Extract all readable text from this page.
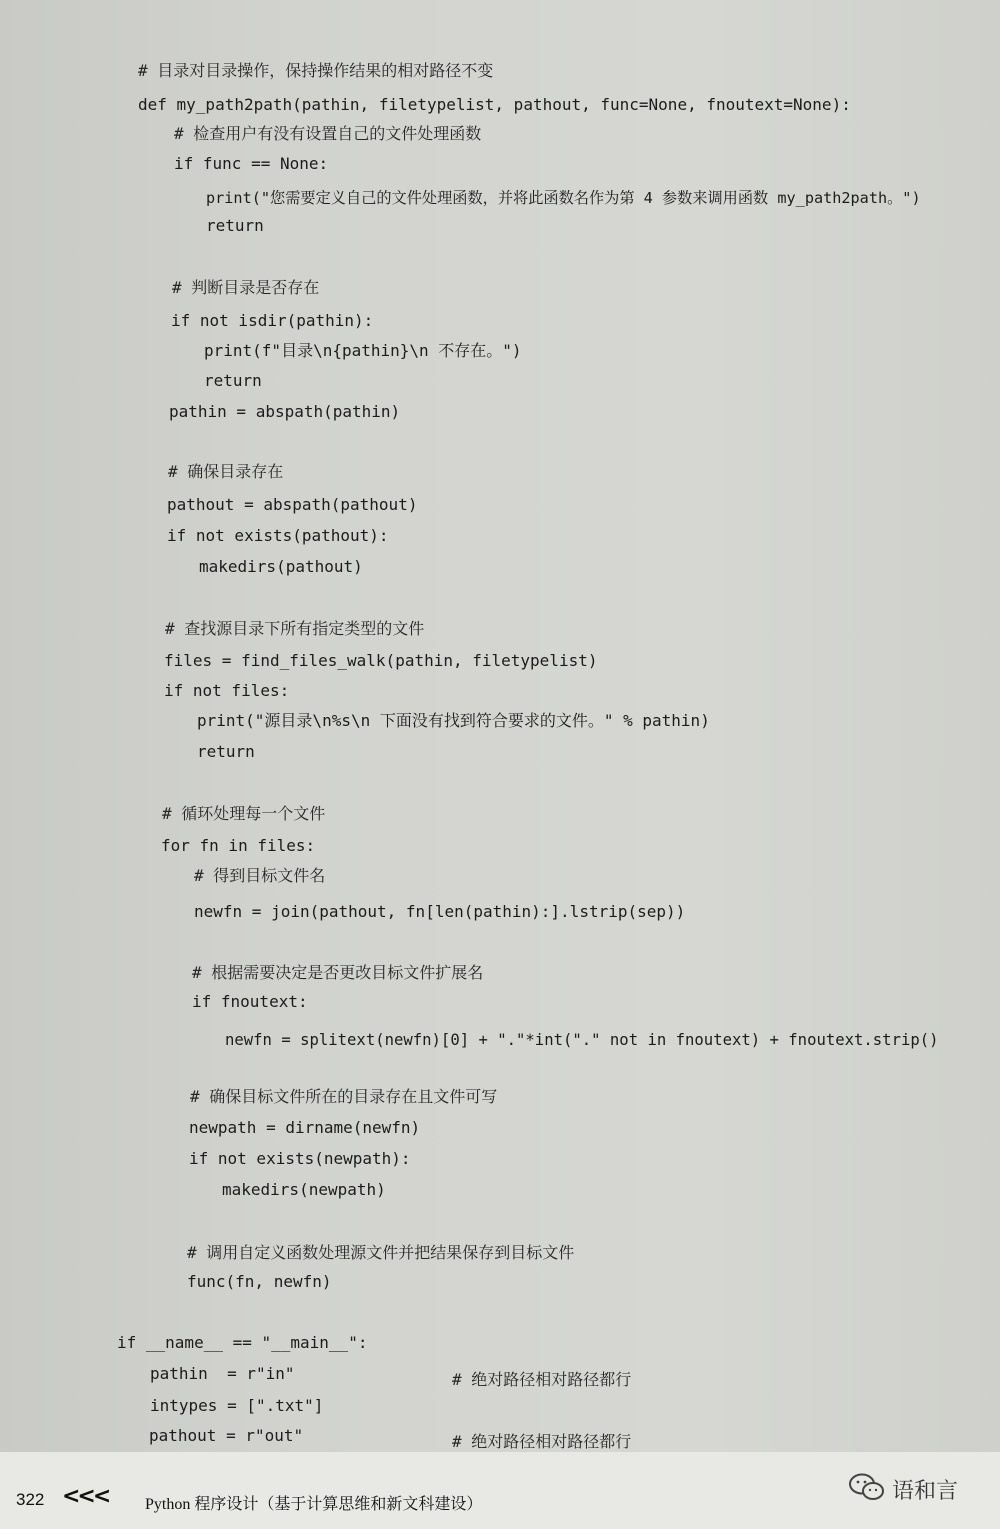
# 目录对目录操作，保持操作结果的相对路径不变
def my_path2path(pathin, filetypelist, pathout, func=None, fnoutext=None):
# 检查用户有没有设置自己的文件处理函数
if func == None:
print("您需要定义自己的文件处理函数，并将此函数名作为第 4 参数来调用函数 my_path2path。")
return
# 判断目录是否存在
if not isdir(pathin):
print(f"目录\n{pathin}\n 不存在。")
return
pathin = abspath(pathin)
# 确保目录存在
pathout = abspath(pathout)
if not exists(pathout):
makedirs(pathout)
# 查找源目录下所有指定类型的文件
files = find_files_walk(pathin, filetypelist)
if not files:
print("源目录\n%s\n 下面没有找到符合要求的文件。" % pathin)
return
# 循环处理每一个文件
for fn in files:
# 得到目标文件名
newfn = join(pathout, fn[len(pathin):].lstrip(sep))
# 根据需要决定是否更改目标文件扩展名
if fnoutext:
newfn = splitext(newfn)[0] + "."*int("." not in fnoutext) + fnoutext.strip()
# 确保目标文件所在的目录存在且文件可写
newpath = dirname(newfn)
if not exists(newpath):
makedirs(newpath)
# 调用自定义函数处理源文件并把结果保存到目标文件
func(fn, newfn)
if __name__ == "__main__":
pathin  = r"in"	# 绝对路径相对路径都行
intypes = [".txt"]
pathout = r"out"	# 绝对路径相对路径都行
322 <<< Python 程序设计（基于计算思维和新文科建设）
语和言
